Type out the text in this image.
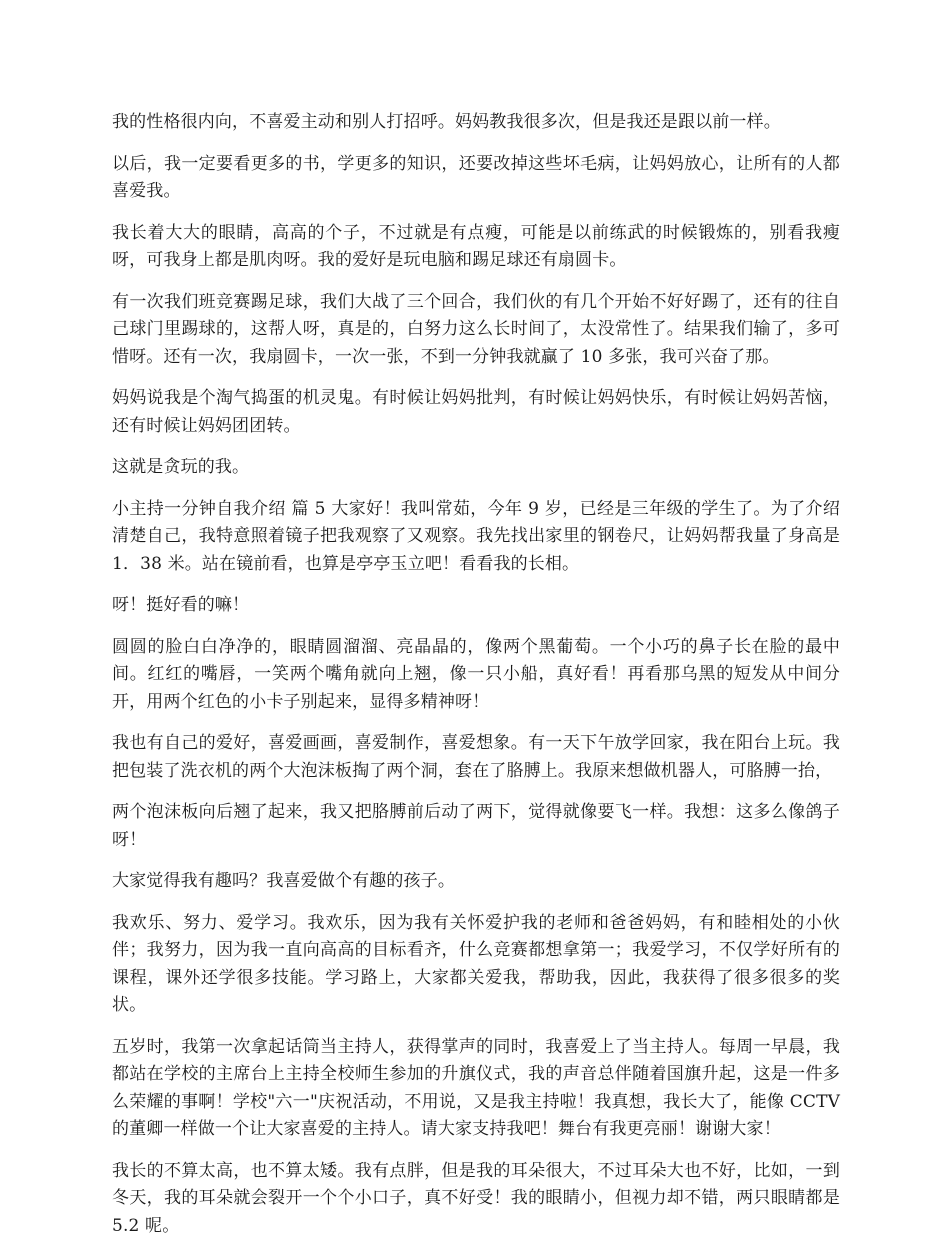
我的性格很内向，不喜爱主动和别人打招呼。妈妈教我很多次，但是我还是跟以前一样。

以后，我一定要看更多的书，学更多的知识，还要改掉这些坏毛病，让妈妈放心，让所有的人都喜爱我。

我长着大大的眼睛，高高的个子，不过就是有点瘦，可能是以前练武的时候锻炼的，别看我瘦呀，可我身上都是肌肉呀。我的爱好是玩电脑和踢足球还有扇圆卡。

有一次我们班竞赛踢足球，我们大战了三个回合，我们伙的有几个开始不好好踢了，还有的往自己球门里踢球的，这帮人呀，真是的，白努力这么长时间了，太没常性了。结果我们输了，多可惜呀。还有一次，我扇圆卡，一次一张，不到一分钟我就赢了 10 多张，我可兴奋了那。

妈妈说我是个淘气捣蛋的机灵鬼。有时候让妈妈批判，有时候让妈妈快乐，有时候让妈妈苦恼，还有时候让妈妈团团转。

这就是贪玩的我。

小主持一分钟自我介绍 篇 5 大家好！我叫常茹，今年 9 岁，已经是三年级的学生了。为了介绍清楚自己，我特意照着镜子把我观察了又观察。我先找出家里的钢卷尺，让妈妈帮我量了身高是 1．38 米。站在镜前看，也算是亭亭玉立吧！看看我的长相。

呀！挺好看的嘛！

圆圆的脸白白净净的，眼睛圆溜溜、亮晶晶的，像两个黑葡萄。一个小巧的鼻子长在脸的最中间。红红的嘴唇，一笑两个嘴角就向上翘，像一只小船，真好看！再看那乌黑的短发从中间分开，用两个红色的小卡子别起来，显得多精神呀！

我也有自己的爱好，喜爱画画，喜爱制作，喜爱想象。有一天下午放学回家，我在阳台上玩。我把包装了洗衣机的两个大泡沫板掏了两个洞，套在了胳膊上。我原来想做机器人，可胳膊一抬，

两个泡沫板向后翘了起来，我又把胳膊前后动了两下，觉得就像要飞一样。我想：这多么像鸽子呀！

大家觉得我有趣吗？我喜爱做个有趣的孩子。

我欢乐、努力、爱学习。我欢乐，因为我有关怀爱护我的老师和爸爸妈妈，有和睦相处的小伙伴；我努力，因为我一直向高高的目标看齐，什么竞赛都想拿第一；我爱学习，不仅学好所有的课程，课外还学很多技能。学习路上，大家都关爱我，帮助我，因此，我获得了很多很多的奖状。

五岁时，我第一次拿起话筒当主持人，获得掌声的同时，我喜爱上了当主持人。每周一早晨，我都站在学校的主席台上主持全校师生参加的升旗仪式，我的声音总伴随着国旗升起，这是一件多么荣耀的事啊！学校"六一"庆祝活动，不用说，又是我主持啦！我真想，我长大了，能像 CCTV 的董卿一样做一个让大家喜爱的主持人。请大家支持我吧！舞台有我更亮丽！谢谢大家！

我长的不算太高，也不算太矮。我有点胖，但是我的耳朵很大，不过耳朵大也不好，比如，一到冬天，我的耳朵就会裂开一个个小口子，真不好受！我的眼睛小，但视力却不错，两只眼睛都是 5.2 呢。
